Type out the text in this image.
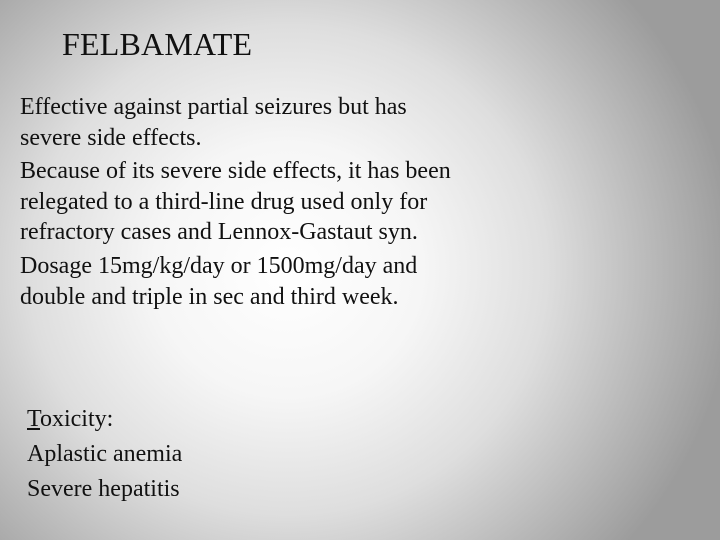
FELBAMATE

Effective against partial seizures but has severe side effects.

Because of its severe side effects, it has been relegated to a third-line drug used only for refractory cases and Lennox-Gastaut syn.

Dosage 15mg/kg/day or 1500mg/day and double and triple in sec and third week.

Toxicity:
Aplastic anemia
Severe hepatitis
